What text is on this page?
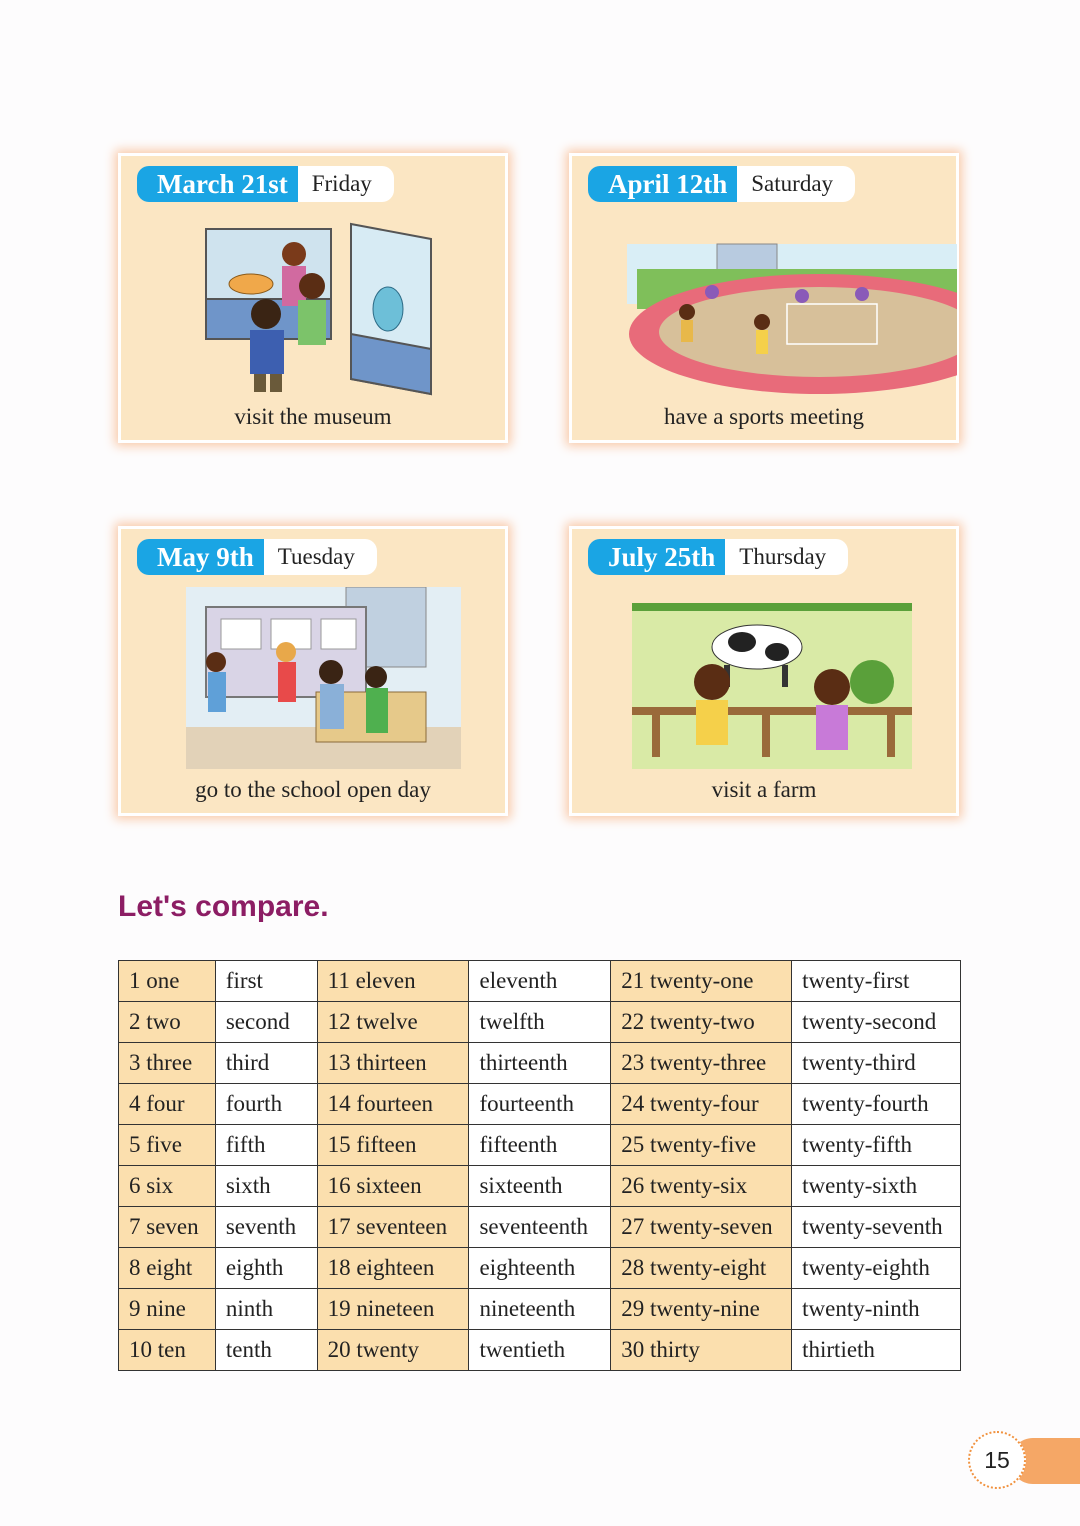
March 21st	Friday
visit the museum
April 12th	Saturday
have a sports meeting
May 9th	Tuesday
go to the school open day
July 25th	Thursday
visit a farm
Let's compare.
1 one	first	11 eleven	eleventh	21 twenty-one	twenty-first
2 two	second	12 twelve	twelfth	22 twenty-two	twenty-second
3 three	third	13 thirteen	thirteenth	23 twenty-three	twenty-third
4 four	fourth	14 fourteen	fourteenth	24 twenty-four	twenty-fourth
5 five	fifth	15 fifteen	fifteenth	25 twenty-five	twenty-fifth
6 six	sixth	16 sixteen	sixteenth	26 twenty-six	twenty-sixth
7 seven	seventh	17 seventeen	seventeenth	27 twenty-seven	twenty-seventh
8 eight	eighth	18 eighteen	eighteenth	28 twenty-eight	twenty-eighth
9 nine	ninth	19 nineteen	nineteenth	29 twenty-nine	twenty-ninth
10 ten	tenth	20 twenty	twentieth	30 thirty	thirtieth
15
